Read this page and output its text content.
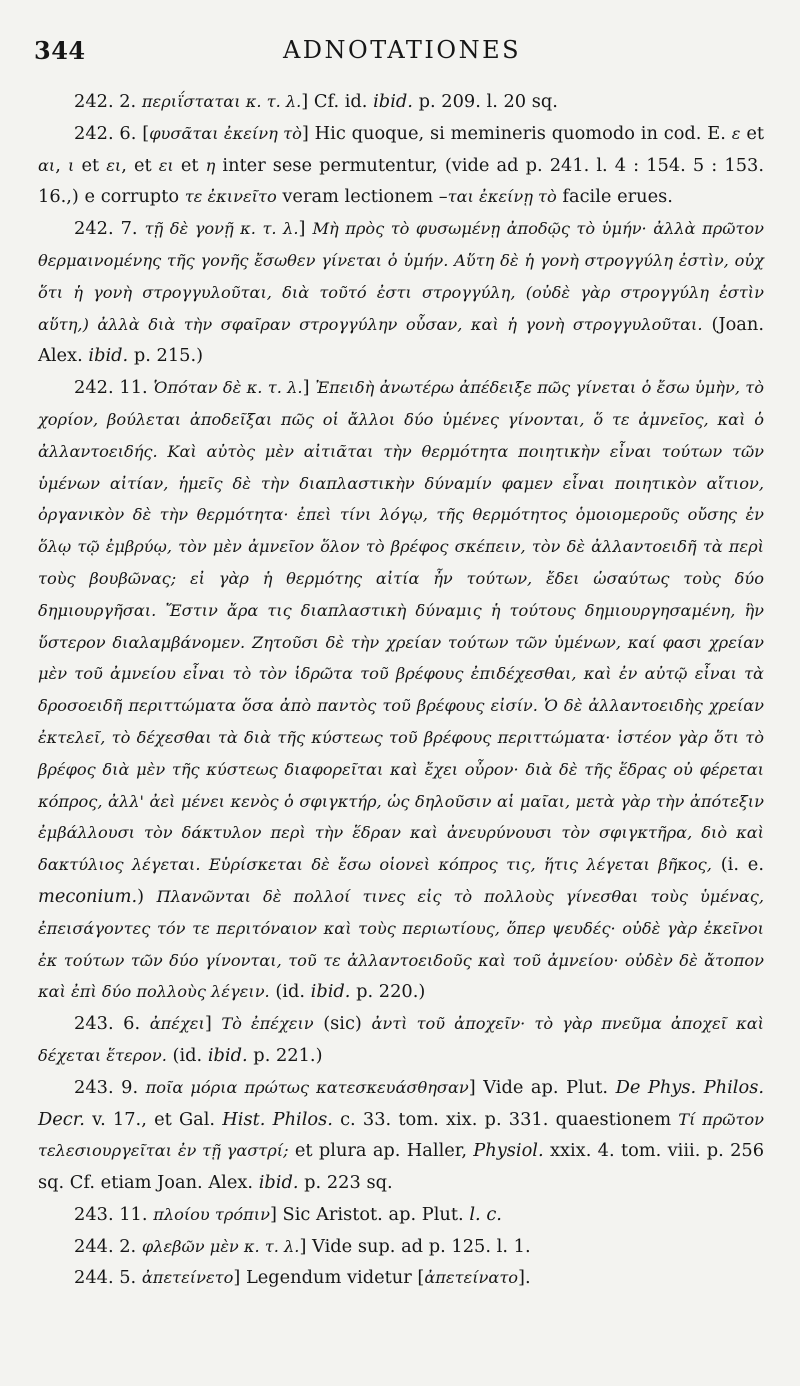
344	ADNOTATIONES

242. 2. περιΐσταται κ. τ. λ.] Cf. id. ibid. p. 209. l. 20 sq.

242. 6. [φυσᾶται ἐκείνη τὸ] Hic quoque, si memineris quomodo in cod. E. ε et αι, ι et ει, et ει et η inter sese permutentur, (vide ad p. 241. l. 4 : 154. 5 : 153. 16.,) e corrupto τε ἐκινεῖτο veram lectionem –ται ἐκείνῃ τὸ facile erues.

242. 7. τῇ δὲ γονῇ κ. τ. λ.] Μὴ πρὸς τὸ φυσωμένῃ ἀποδῷς τὸ ὑμήν· ἀλλὰ πρῶτον θερμαινομένης τῆς γονῆς ἔσωθεν γίνεται ὁ ὑμήν. Αὕτη δὲ ἡ γονὴ στρογγύλη ἐστὶν, οὐχ ὅτι ἡ γονὴ στρογγυλοῦται, διὰ τοῦτό ἐστι στρογγύλη, (οὐδὲ γὰρ στρογγύλη ἐστὶν αὕτη,) ἀλλὰ διὰ τὴν σφαῖραν στρογγύλην οὖσαν, καὶ ἡ γονὴ στρογγυλοῦται. (Joan. Alex. ibid. p. 215.)

242. 11. Ὁπόταν δὲ κ. τ. λ.] Ἐπειδὴ ἀνωτέρω ἀπέδειξε πῶς γίνεται ὁ ἔσω ὑμὴν, τὸ χορίον, βούλεται ἀποδεῖξαι πῶς οἱ ἄλλοι δύο ὑμένες γίνονται, ὅ τε ἀμνεῖος, καὶ ὁ ἀλλαντοειδής. Καὶ αὐτὸς μὲν αἰτιᾶται τὴν θερμότητα ποιητικὴν εἶναι τούτων τῶν ὑμένων αἰτίαν, ἡμεῖς δὲ τὴν διαπλαστικὴν δύναμίν φαμεν εἶναι ποιητικὸν αἴτιον, ὀργανικὸν δὲ τὴν θερμότητα· ἐπεὶ τίνι λόγῳ, τῆς θερμότητος ὁμοιομεροῦς οὔσης ἐν ὅλῳ τῷ ἐμβρύῳ, τὸν μὲν ἀμνεῖον ὅλον τὸ βρέφος σκέπειν, τὸν δὲ ἀλλαντοειδῆ τὰ περὶ τοὺς βουβῶνας; εἰ γὰρ ἡ θερμότης αἰτία ἦν τούτων, ἔδει ὡσαύτως τοὺς δύο δημιουργῆσαι. Ἔστιν ἄρα τις διαπλαστικὴ δύναμις ἡ τούτους δημιουργησαμένη, ἣν ὕστερον διαλαμβάνομεν. Ζητοῦσι δὲ τὴν χρείαν τούτων τῶν ὑμένων, καί φασι χρείαν μὲν τοῦ ἀμνείου εἶναι τὸ τὸν ἱδρῶτα τοῦ βρέφους ἐπιδέχεσθαι, καὶ ἐν αὐτῷ εἶναι τὰ δροσοειδῆ περιττώματα ὅσα ἀπὸ παντὸς τοῦ βρέφους εἰσίν. Ὁ δὲ ἀλλαντοειδὴς χρείαν ἐκτελεῖ, τὸ δέχεσθαι τὰ διὰ τῆς κύστεως τοῦ βρέφους περιττώματα· ἰστέον γὰρ ὅτι τὸ βρέφος διὰ μὲν τῆς κύστεως διαφορεῖται καὶ ἔχει οὖρον· διὰ δὲ τῆς ἕδρας οὐ φέρεται κόπρος, ἀλλ' ἀεὶ μένει κενὸς ὁ σφιγκτήρ, ὡς δηλοῦσιν αἱ μαῖαι, μετὰ γὰρ τὴν ἀπότεξιν ἐμβάλλουσι τὸν δάκτυλον περὶ τὴν ἕδραν καὶ ἀνευρύνουσι τὸν σφιγκτῆρα, διὸ καὶ δακτύλιος λέγεται. Εὑρίσκεται δὲ ἔσω οἱονεὶ κόπρος τις, ἥτις λέγεται βῆκος, (i. e. meconium.) Πλανῶνται δὲ πολλοί τινες εἰς τὸ πολλοὺς γίνεσθαι τοὺς ὑμένας, ἐπεισάγοντες τόν τε περιτόναιον καὶ τοὺς περιωτίους, ὅπερ ψευδές· οὐδὲ γὰρ ἐκεῖνοι ἐκ τούτων τῶν δύο γίνονται, τοῦ τε ἀλλαντοειδοῦς καὶ τοῦ ἀμνείου· οὐδὲν δὲ ἄτοπον καὶ ἐπὶ δύο πολλοὺς λέγειν. (id. ibid. p. 220.)

243. 6. ἀπέχει] Τὸ ἐπέχειν (sic) ἀντὶ τοῦ ἀποχεῖν· τὸ γὰρ πνεῦμα ἀποχεῖ καὶ δέχεται ἕτερον. (id. ibid. p. 221.)

243. 9. ποῖα μόρια πρώτως κατεσκευάσθησαν] Vide ap. Plut. De Phys. Philos. Decr. v. 17., et Gal. Hist. Philos. c. 33. tom. xix. p. 331. quaestionem Τί πρῶτον τελεσιουργεῖται ἐν τῇ γαστρί; et plura ap. Haller, Physiol. xxix. 4. tom. viii. p. 256 sq. Cf. etiam Joan. Alex. ibid. p. 223 sq.

243. 11. πλοίου τρόπιν] Sic Aristot. ap. Plut. l. c.

244. 2. φλεβῶν μὲν κ. τ. λ.] Vide sup. ad p. 125. l. 1.

244. 5. ἀπετείνετο] Legendum videtur [ἀπετείνατο].
